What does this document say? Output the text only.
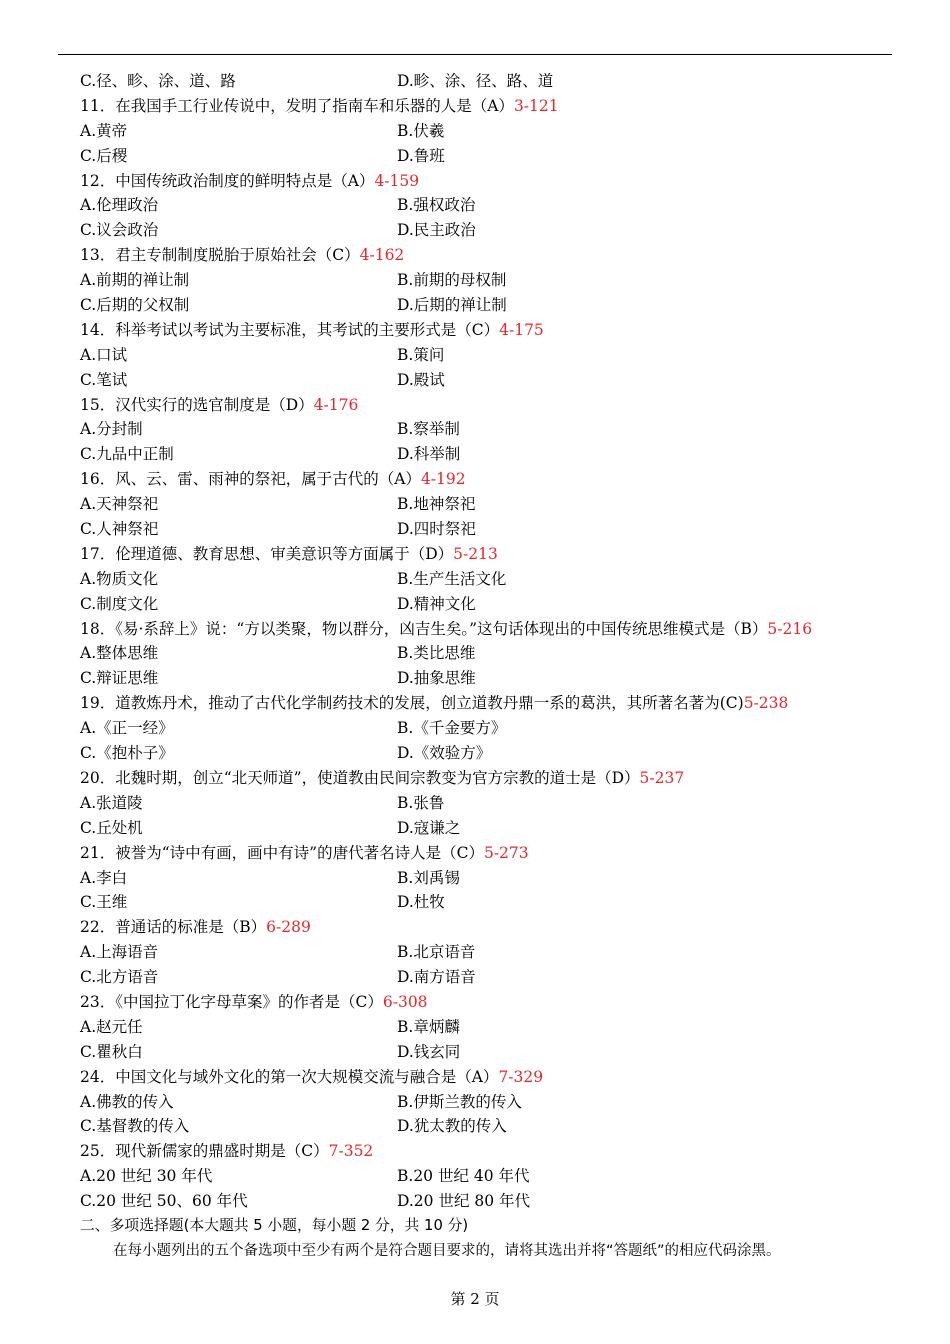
C.径、畛、涂、道、路	D.畛、涂、径、路、道
11．在我国手工行业传说中，发明了指南车和乐器的人是（A）3-121
A.黄帝	B.伏羲
C.后稷	D.鲁班
12．中国传统政治制度的鲜明特点是（A）4-159
A.伦理政治	B.强权政治
C.议会政治	D.民主政治
13．君主专制制度脱胎于原始社会（C）4-162
A.前期的禅让制	B.前期的母权制
C.后期的父权制	D.后期的禅让制
14．科举考试以考试为主要标准，其考试的主要形式是（C）4-175
A.口试	B.策问
C.笔试	D.殿试
15．汉代实行的选官制度是（D）4-176
A.分封制	B.察举制
C.九品中正制	D.科举制
16．风、云、雷、雨神的祭祀，属于古代的（A）4-192
A.天神祭祀	B.地神祭祀
C.人神祭祀	D.四时祭祀
17．伦理道德、教育思想、审美意识等方面属于（D）5-213
A.物质文化	B.生产生活文化
C.制度文化	D.精神文化
18．《易·系辞上》说：“方以类聚，物以群分，凶吉生矣。”这句话体现出的中国传统思维模式是（B）5-216
A.整体思维	B.类比思维
C.辩证思维	D.抽象思维
19．道教炼丹术，推动了古代化学制药技术的发展，创立道教丹鼎一系的葛洪，其所著名著为(C)5-238
A.《正一经》	B.《千金要方》
C.《抱朴子》	D.《效验方》
20．北魏时期，创立“北天师道”，使道教由民间宗教变为官方宗教的道士是（D）5-237
A.张道陵	B.张鲁
C.丘处机	D.寇谦之
21．被誉为“诗中有画，画中有诗”的唐代著名诗人是（C）5-273
A.李白	B.刘禹锡
C.王维	D.杜牧
22．普通话的标准是（B）6-289
A.上海语音	B.北京语音
C.北方语音	D.南方语音
23．《中国拉丁化字母草案》的作者是（C）6-308
A.赵元任	B.章炳麟
C.瞿秋白	D.钱玄同
24．中国文化与域外文化的第一次大规模交流与融合是（A）7-329
A.佛教的传入	B.伊斯兰教的传入
C.基督教的传入	D.犹太教的传入
25．现代新儒家的鼎盛时期是（C）7-352
A.20 世纪 30 年代	B.20 世纪 40 年代
C.20 世纪 50、60 年代	D.20 世纪 80 年代
二、多项选择题(本大题共 5 小题，每小题 2 分，共 10 分)
在每小题列出的五个备选项中至少有两个是符合题目要求的，请将其选出并将“答题纸”的相应代码涂黑。
第 2 页
